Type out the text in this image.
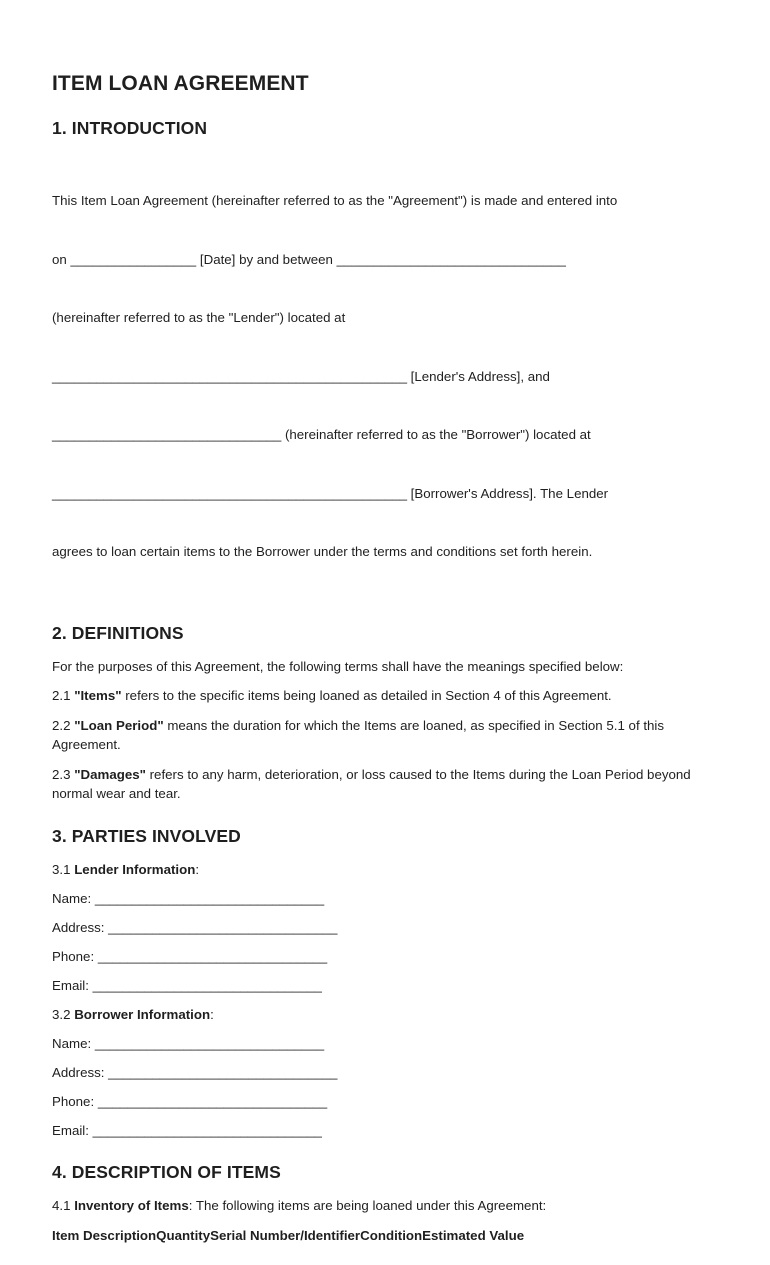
ITEM LOAN AGREEMENT
1. INTRODUCTION

This Item Loan Agreement (hereinafter referred to as the "Agreement") is made and entered into

on _________________ [Date] by and between _______________________________

(hereinafter referred to as the "Lender") located at

________________________________________________ [Lender's Address], and

_______________________________ (hereinafter referred to as the "Borrower") located at

________________________________________________ [Borrower's Address]. The Lender

agrees to loan certain items to the Borrower under the terms and conditions set forth herein.

2. DEFINITIONS
For the purposes of this Agreement, the following terms shall have the meanings specified below:
2.1 "Items" refers to the specific items being loaned as detailed in Section 4 of this Agreement.
2.2 "Loan Period" means the duration for which the Items are loaned, as specified in Section 5.1 of this Agreement.
2.3 "Damages" refers to any harm, deterioration, or loss caused to the Items during the Loan Period beyond normal wear and tear.
3. PARTIES INVOLVED
3.1 Lender Information:
Name: _______________________________
Address: _______________________________
Phone: _______________________________
Email: _______________________________
3.2 Borrower Information:
Name: _______________________________
Address: _______________________________
Phone: _______________________________
Email: _______________________________
4. DESCRIPTION OF ITEMS
4.1 Inventory of Items: The following items are being loaned under this Agreement:
Item DescriptionQuantitySerial Number/IdentifierConditionEstimated Value
